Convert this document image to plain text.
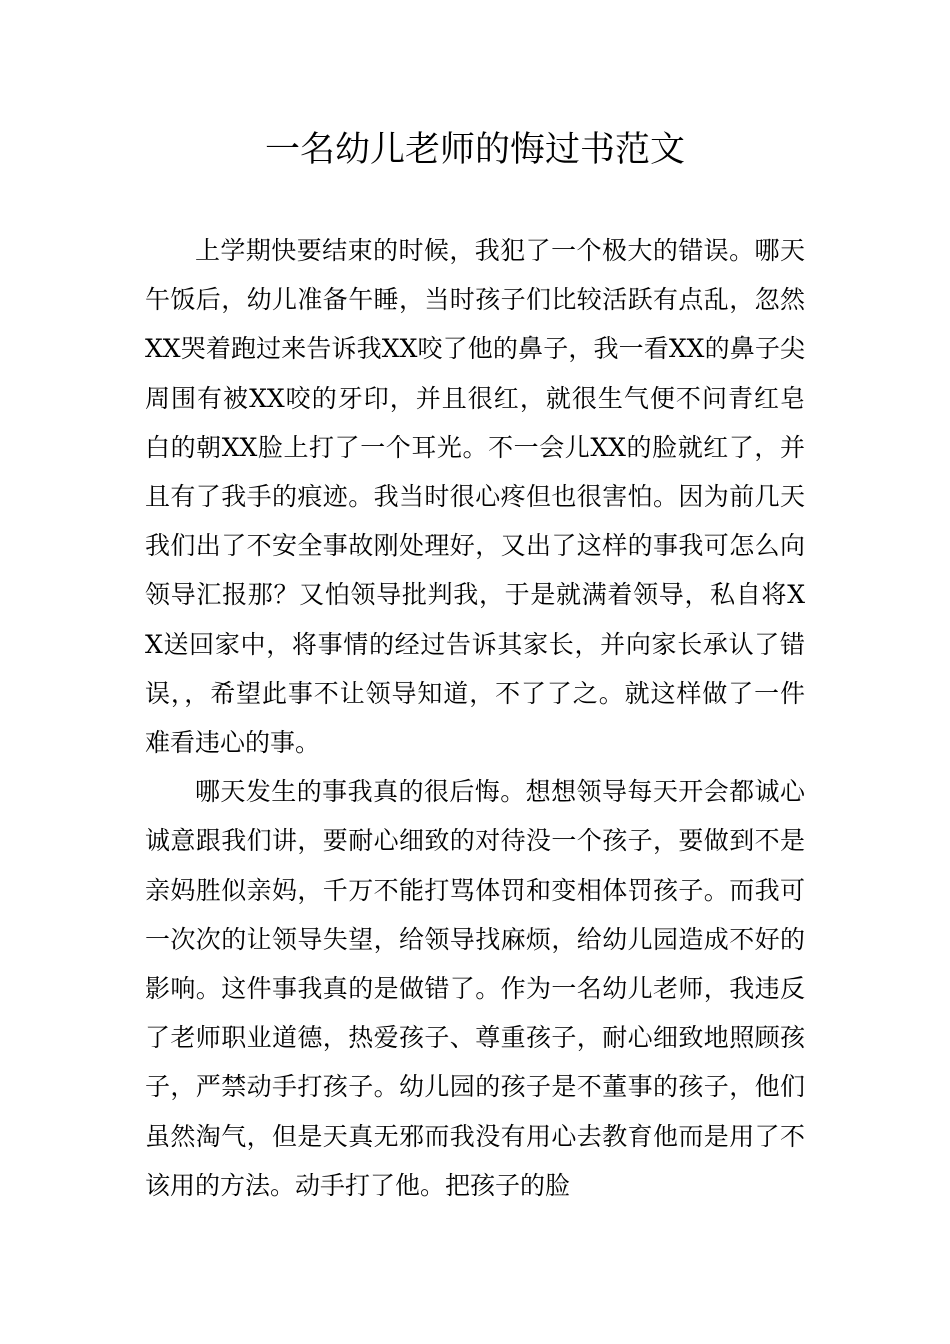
一名幼儿老师的悔过书范文

上学期快要结束的时候，我犯了一个极大的错误。哪天午饭后，幼儿准备午睡，当时孩子们比较活跃有点乱，忽然XX哭着跑过来告诉我XX咬了他的鼻子，我一看XX的鼻子尖周围有被XX咬的牙印，并且很红，就很生气便不问青红皂白的朝XX脸上打了一个耳光。不一会儿XX的脸就红了，并且有了我手的痕迹。我当时很心疼但也很害怕。因为前几天我们出了不安全事故刚处理好，又出了这样的事我可怎么向领导汇报那？又怕领导批判我，于是就满着领导，私自将XX送回家中，将事情的经过告诉其家长，并向家长承认了错误，，希望此事不让领导知道，不了了之。就这样做了一件难看违心的事。

哪天发生的事我真的很后悔。想想领导每天开会都诚心诚意跟我们讲，要耐心细致的对待没一个孩子，要做到不是亲妈胜似亲妈，千万不能打骂体罚和变相体罚孩子。而我可一次次的让领导失望，给领导找麻烦，给幼儿园造成不好的影响。这件事我真的是做错了。作为一名幼儿老师，我违反了老师职业道德，热爱孩子、尊重孩子，耐心细致地照顾孩子，严禁动手打孩子。幼儿园的孩子是不董事的孩子，他们虽然淘气，但是天真无邪而我没有用心去教育他而是用了不该用的方法。动手打了他。把孩子的脸
